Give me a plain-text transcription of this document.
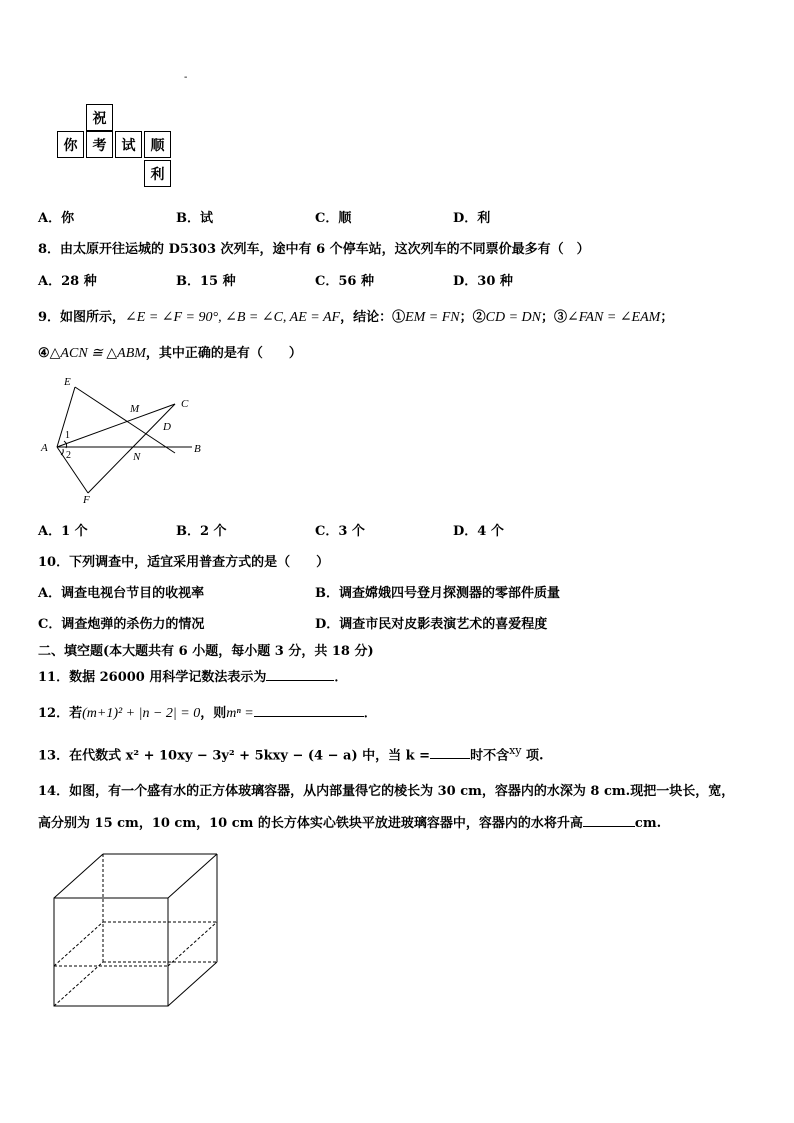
-
祝
你	考	试	顺
利
A．你	B．试	C．顺	D．利
8．由太原开往运城的 D5303 次列车，途中有 6 个停车站，这次列车的不同票价最多有（　）
A．28 种	B．15 种	C．56 种	D．30 种
9．如图所示，∠E = ∠F = 90°, ∠B = ∠C, AE = AF，结论：①EM = FN；②CD = DN；③∠FAN = ∠EAM；
④△ACN ≅ △ABM，其中正确的是有（　　）
E
M	C
D
A	B
N
F
1
2
A．1 个	B．2 个	C．3 个	D．4 个
10．下列调查中，适宜采用普查方式的是（　　）
A．调查电视台节目的收视率	B．调查嫦娥四号登月探测器的零部件质量
C．调查炮弹的杀伤力的情况	D．调查市民对皮影表演艺术的喜爱程度
二、填空题(本大题共有 6 小题，每小题 3 分，共 18 分)
11．数据 26000 用科学记数法表示为	．
12．若(m+1)² + |n − 2| = 0，则mⁿ =	．
13．在代数式 x² + 10xy − 3y² + 5kxy − (4 − a) 中，当 k =	时不含$^{xy}$ 项.
14．如图，有一个盛有水的正方体玻璃容器，从内部量得它的棱长为 30 cm，容器内的水深为 8 cm.现把一块长，宽，
高分别为 15 cm，10 cm，10 cm 的长方体实心铁块平放进玻璃容器中，容器内的水将升高	cm.
